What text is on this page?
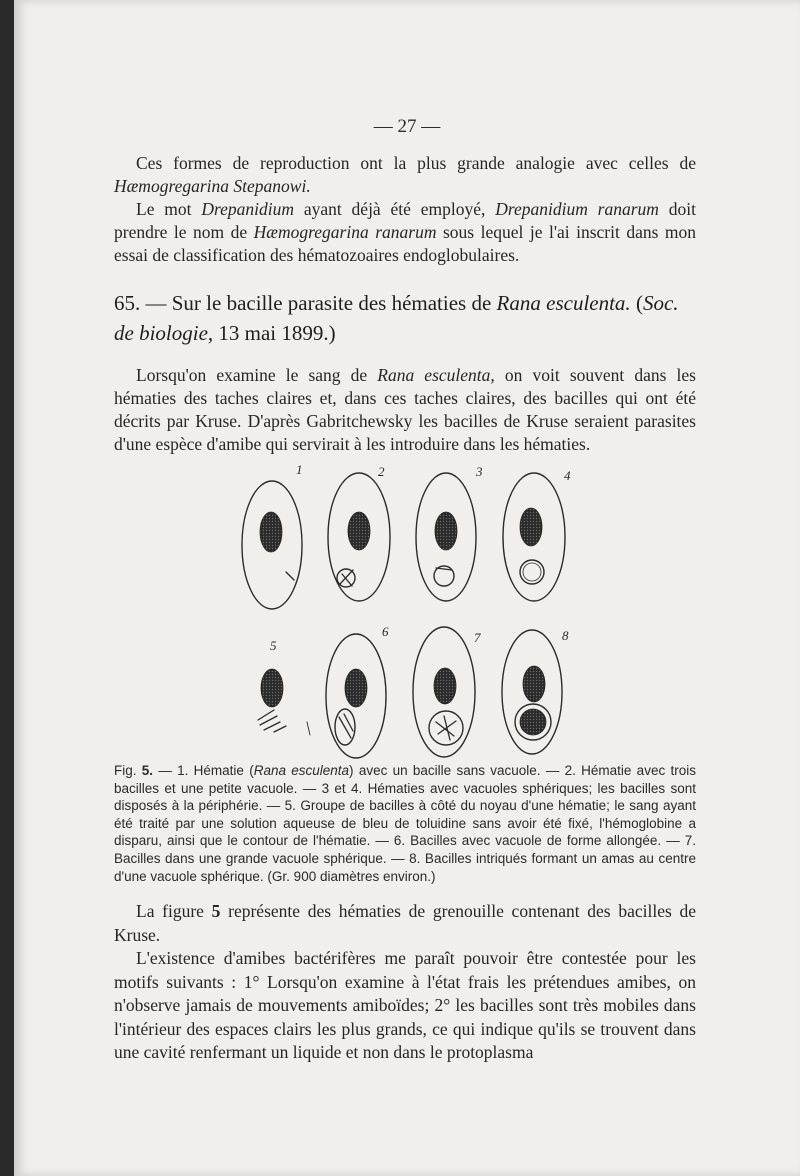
— 27 —

Ces formes de reproduction ont la plus grande analogie avec celles de Hæmogregarina Stepanowi.

Le mot Drepanidium ayant déjà été employé, Drepanidium ranarum doit prendre le nom de Hæmogregarina ranarum sous lequel je l'ai inscrit dans mon essai de classification des hématozoaires endoglobulaires.

65. — Sur le bacille parasite des hématies de Rana esculenta. (Soc. de biologie, 13 mai 1899.)

Lorsqu'on examine le sang de Rana esculenta, on voit souvent dans les hématies des taches claires et, dans ces taches claires, des bacilles qui ont été décrits par Kruse. D'après Gabritchewsky les bacilles de Kruse seraient parasites d'une espèce d'amibe qui servirait à les introduire dans les hématies.

1	2	3	4
5
6	7	8
Fig. 5. — 1. Hématie (Rana esculenta) avec un bacille sans vacuole. — 2. Hématie avec trois bacilles et une petite vacuole. — 3 et 4. Hématies avec vacuoles sphériques; les bacilles sont disposés à la périphérie. — 5. Groupe de bacilles à côté du noyau d'une hématie; le sang ayant été traité par une solution aqueuse de bleu de toluidine sans avoir été fixé, l'hémoglobine a disparu, ainsi que le contour de l'hématie. — 6. Bacilles avec vacuole de forme allongée. — 7. Bacilles dans une grande vacuole sphérique. — 8. Bacilles intriqués formant un amas au centre d'une vacuole sphérique. (Gr. 900 diamètres environ.)

La figure 5 représente des hématies de grenouille contenant des bacilles de Kruse.

L'existence d'amibes bactérifères me paraît pouvoir être contestée pour les motifs suivants : 1° Lorsqu'on examine à l'état frais les prétendues amibes, on n'observe jamais de mouvements amiboïdes; 2° les bacilles sont très mobiles dans l'intérieur des espaces clairs les plus grands, ce qui indique qu'ils se trouvent dans une cavité renfermant un liquide et non dans le protoplasma
